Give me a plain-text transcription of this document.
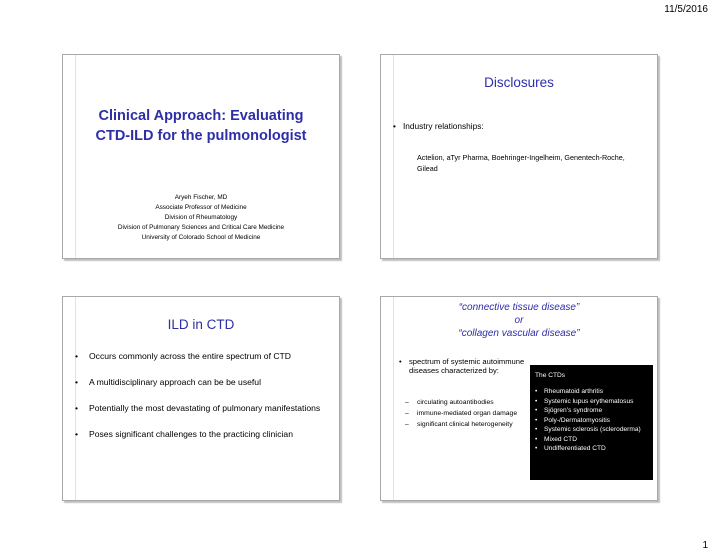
11/5/2016
Clinical Approach: Evaluating
CTD-ILD for the pulmonologist
Aryeh Fischer, MD
Associate Professor of Medicine
Division of Rheumatology
Division of Pulmonary Sciences and Critical Care Medicine
University of Colorado School of Medicine
Disclosures
• Industry relationships:
Actelion, aTyr Pharma, Boehringer-Ingelheim, Genentech-Roche, Gilead
ILD in CTD
•	Occurs commonly across the entire spectrum of CTD
•	A multidisciplinary approach can be be useful
•	Potentially the most devastating of pulmonary manifestations
•	Poses significant challenges to the practicing clinician
“connective tissue disease”
or
“collagen vascular disease”
• spectrum of systemic autoimmune diseases characterized by:
– circulating autoantibodies
– immune-mediated organ damage
– significant clinical heterogeneity
The CTDs
•	Rheumatoid arthritis
•	Systemic lupus erythematosus
•	Sjögren’s syndrome
•	Poly-/Dermatomyositis
•	Systemic sclerosis (scleroderma)
•	Mixed CTD
•	Undifferentiated CTD
1
